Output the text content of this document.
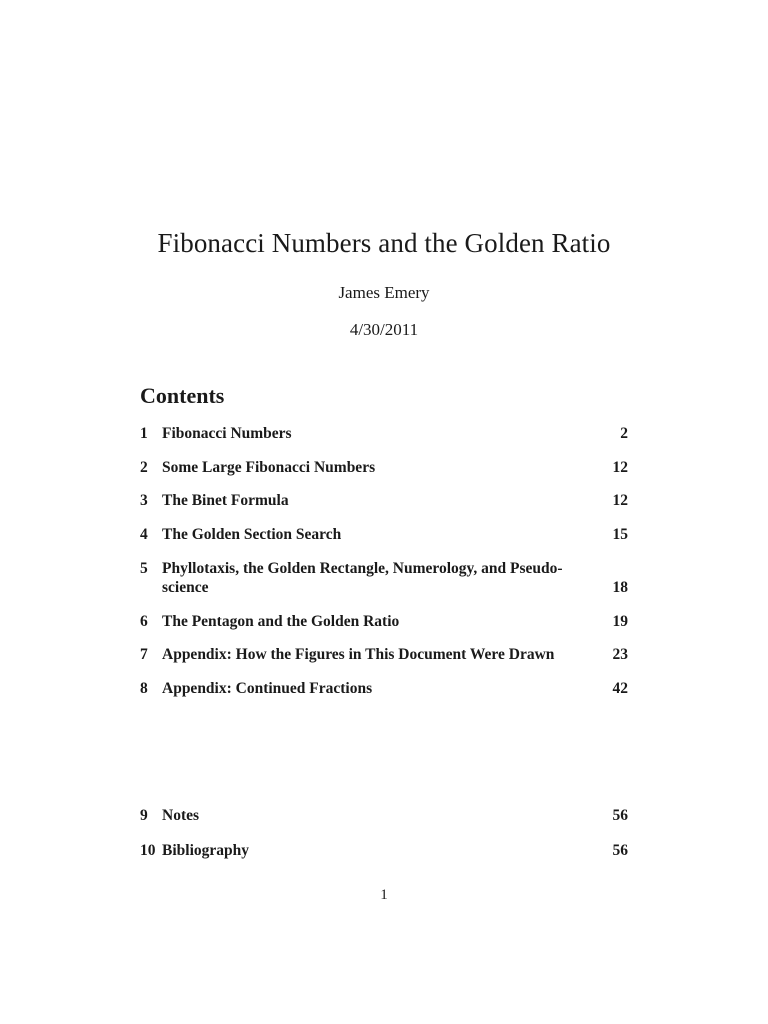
Fibonacci Numbers and the Golden Ratio
James Emery
4/30/2011
Contents
1 Fibonacci Numbers	2
2 Some Large Fibonacci Numbers	12
3 The Binet Formula	12
4 The Golden Section Search	15
5 Phyllotaxis, the Golden Rectangle, Numerology, and Pseudo-
science	18
6 The Pentagon and the Golden Ratio	19
7 Appendix: How the Figures in This Document Were Drawn	23
8 Appendix: Continued Fractions	42
9 Notes	56
10 Bibliography	56
1
